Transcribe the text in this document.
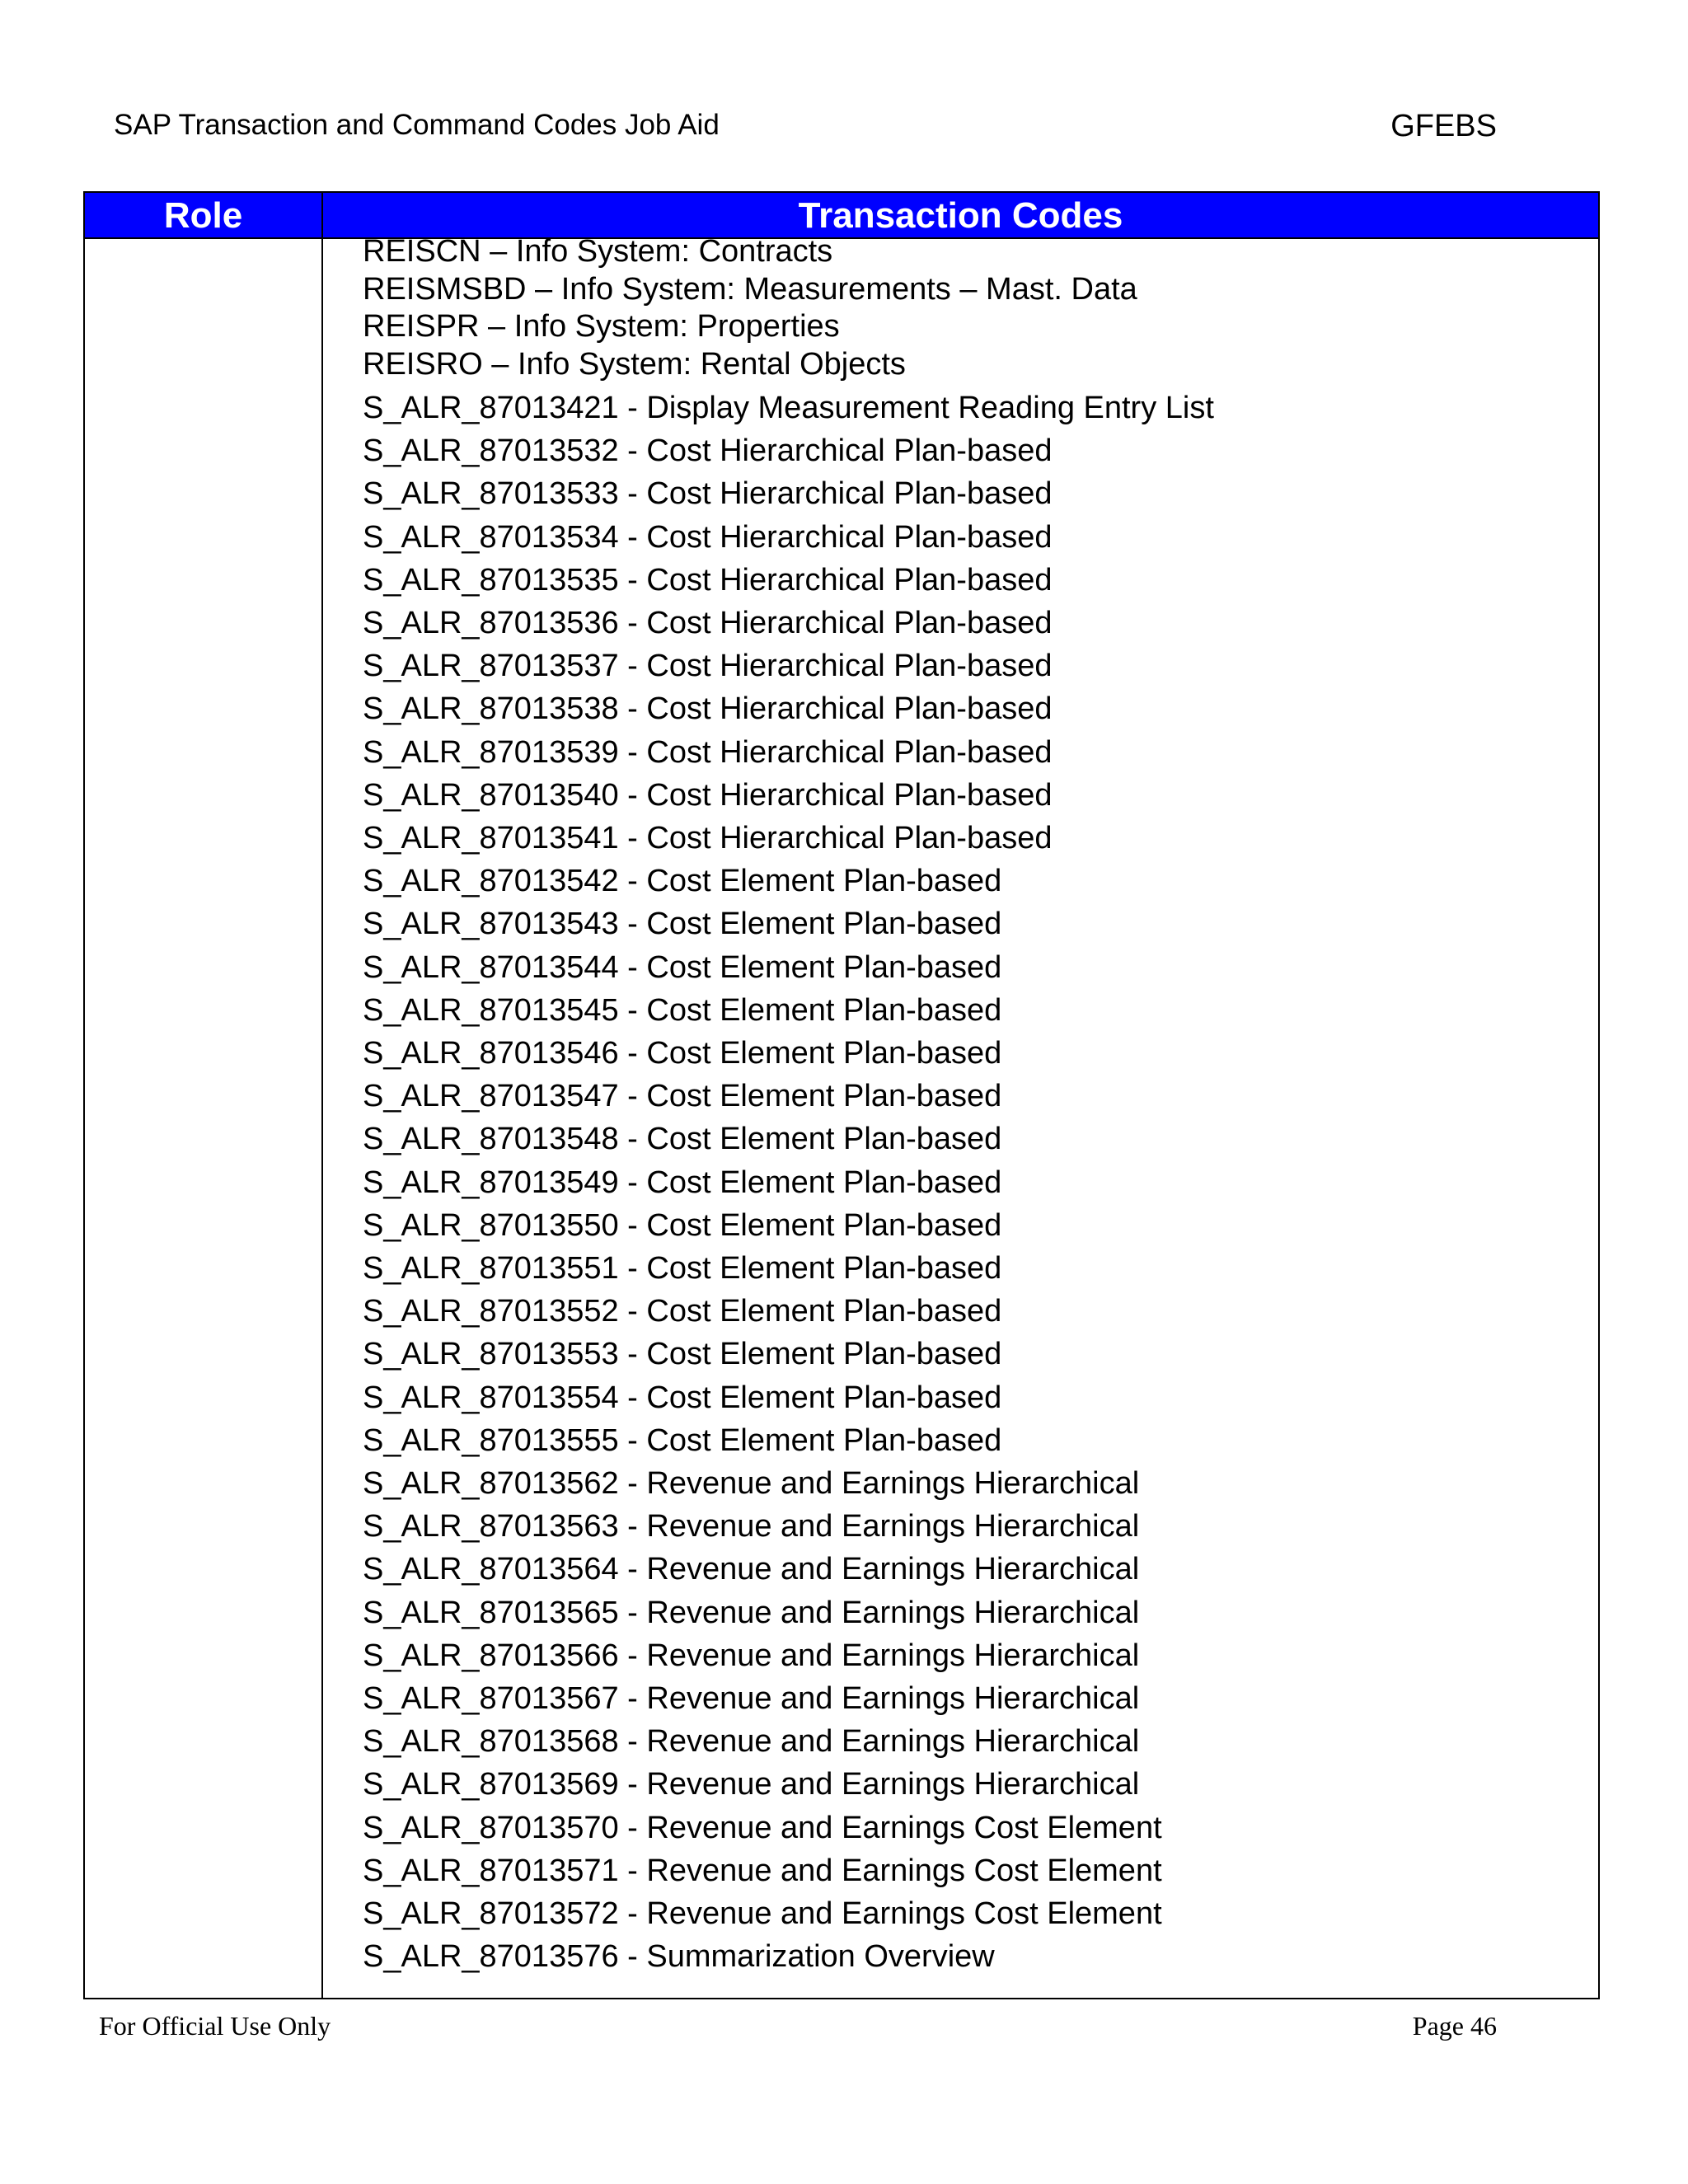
SAP Transaction and Command Codes Job Aid	GFEBS
Role	Transaction Codes
REISCN – Info System: Contracts
REISMSBD – Info System: Measurements – Mast. Data
REISPR – Info System: Properties
REISRO – Info System: Rental Objects
S_ALR_87013421 - Display Measurement Reading Entry List
S_ALR_87013532 - Cost Hierarchical Plan-based
S_ALR_87013533 - Cost Hierarchical Plan-based
S_ALR_87013534 - Cost Hierarchical Plan-based
S_ALR_87013535 - Cost Hierarchical Plan-based
S_ALR_87013536 - Cost Hierarchical Plan-based
S_ALR_87013537 - Cost Hierarchical Plan-based
S_ALR_87013538 - Cost Hierarchical Plan-based
S_ALR_87013539 - Cost Hierarchical Plan-based
S_ALR_87013540 - Cost Hierarchical Plan-based
S_ALR_87013541 - Cost Hierarchical Plan-based
S_ALR_87013542 - Cost Element Plan-based
S_ALR_87013543 - Cost Element Plan-based
S_ALR_87013544 - Cost Element Plan-based
S_ALR_87013545 - Cost Element Plan-based
S_ALR_87013546 - Cost Element Plan-based
S_ALR_87013547 - Cost Element Plan-based
S_ALR_87013548 - Cost Element Plan-based
S_ALR_87013549 - Cost Element Plan-based
S_ALR_87013550 - Cost Element Plan-based
S_ALR_87013551 - Cost Element Plan-based
S_ALR_87013552 - Cost Element Plan-based
S_ALR_87013553 - Cost Element Plan-based
S_ALR_87013554 - Cost Element Plan-based
S_ALR_87013555 - Cost Element Plan-based
S_ALR_87013562 - Revenue and Earnings Hierarchical
S_ALR_87013563 - Revenue and Earnings Hierarchical
S_ALR_87013564 - Revenue and Earnings Hierarchical
S_ALR_87013565 - Revenue and Earnings Hierarchical
S_ALR_87013566 - Revenue and Earnings Hierarchical
S_ALR_87013567 - Revenue and Earnings Hierarchical
S_ALR_87013568 - Revenue and Earnings Hierarchical
S_ALR_87013569 - Revenue and Earnings Hierarchical
S_ALR_87013570 - Revenue and Earnings Cost Element
S_ALR_87013571 - Revenue and Earnings Cost Element
S_ALR_87013572 - Revenue and Earnings Cost Element
S_ALR_87013576 - Summarization Overview
For Official Use Only	Page 46
